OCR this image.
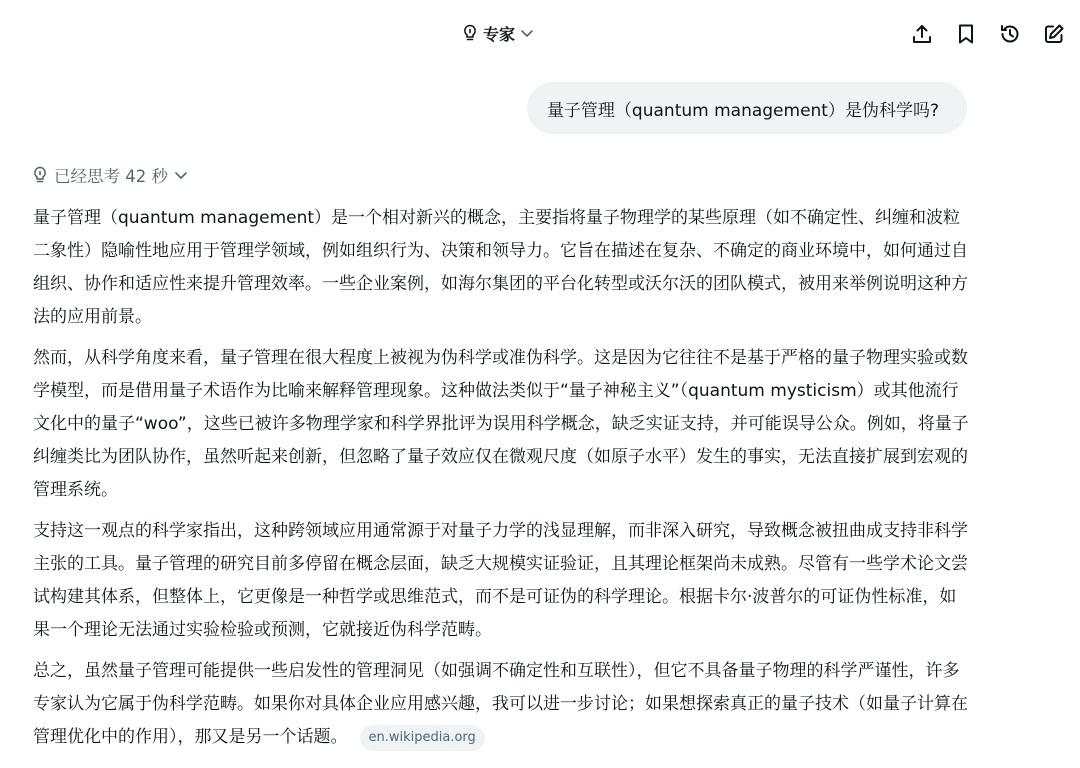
专家
量子管理（quantum management）是伪科学吗?
已经思考 42 秒

量子管理（quantum management）是一个相对新兴的概念，主要指将量子物理学的某些原理（如不确定性、纠缠和波粒二象性）隐喻性地应用于管理学领域，例如组织行为、决策和领导力。它旨在描述在复杂、不确定的商业环境中，如何通过自组织、协作和适应性来提升管理效率。一些企业案例，如海尔集团的平台化转型或沃尔沃的团队模式，被用来举例说明这种方法的应用前景。

然而，从科学角度来看，量子管理在很大程度上被视为伪科学或准伪科学。这是因为它往往不是基于严格的量子物理实验或数学模型，而是借用量子术语作为比喻来解释管理现象。这种做法类似于“量子神秘主义”（quantum mysticism）或其他流行文化中的量子“woo”，这些已被许多物理学家和科学界批评为误用科学概念，缺乏实证支持，并可能误导公众。例如，将量子纠缠类比为团队协作，虽然听起来创新，但忽略了量子效应仅在微观尺度（如原子水平）发生的事实，无法直接扩展到宏观的管理系统。

支持这一观点的科学家指出，这种跨领域应用通常源于对量子力学的浅显理解，而非深入研究，导致概念被扭曲成支持非科学主张的工具。量子管理的研究目前多停留在概念层面，缺乏大规模实证验证，且其理论框架尚未成熟。尽管有一些学术论文尝试构建其体系，但整体上，它更像是一种哲学或思维范式，而不是可证伪的科学理论。根据卡尔·波普尔的可证伪性标准，如果一个理论无法通过实验检验或预测，它就接近伪科学范畴。

总之，虽然量子管理可能提供一些启发性的管理洞见（如强调不确定性和互联性），但它不具备量子物理的科学严谨性，许多专家认为它属于伪科学范畴。如果你对具体企业应用感兴趣，我可以进一步讨论；如果想探索真正的量子技术（如量子计算在管理优化中的作用），那又是另一个话题。 en.wikipedia.org
